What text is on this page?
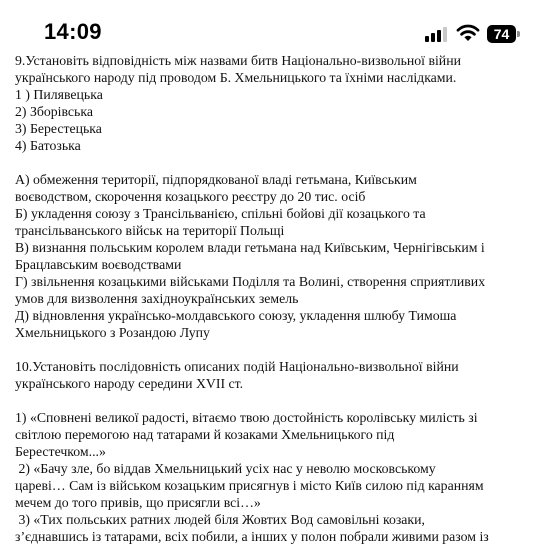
14:09	74

9.Установіть відповідність між назвами битв Національно-визвольної війни

українського народу під проводом Б. Хмельницького та їхніми наслідками.

1 ) Пилявецька

2) Зборівська

3) Берестецька

4) Батозька

А) обмеження території, підпорядкованої владі гетьмана, Київським

воєводством, скорочення козацького реєстру до 20 тис. осіб

Б) укладення союзу з Трансільванією, спільні бойові дії козацького та

трансільванського військ на території Польщі

В) визнання польським королем влади гетьмана над Київським, Чернігівським і

Брацлавським воєводствами

Г) звільнення козацькими військами Поділля та Волині, створення сприятливих

умов для визволення західноукраїнських земель

Д) відновлення українсько-молдавського союзу, укладення шлюбу Тимоша

Хмельницького з Розандою Лупу

10.Установіть послідовність описаних подій Національно-визвольної війни

українського народу середини XVII ст.

1) «Сповнені великої радості, вітаємо твою достойність королівську милість зі

світлою перемогою над татарами й козаками Хмельницького під

Берестечком...»

2) «Бачу зле, бо віддав Хмельницький усіх нас у неволю московському

цареві… Сам із військом козацьким присягнув і місто Київ силою під каранням

мечем до того привів, що присягли всі…»

3) «Тих польських ратних людей біля Жовтих Вод самовільні козаки,

з’єднавшись із татарами, всіх побили, а інших у полон побрали живими разом із
